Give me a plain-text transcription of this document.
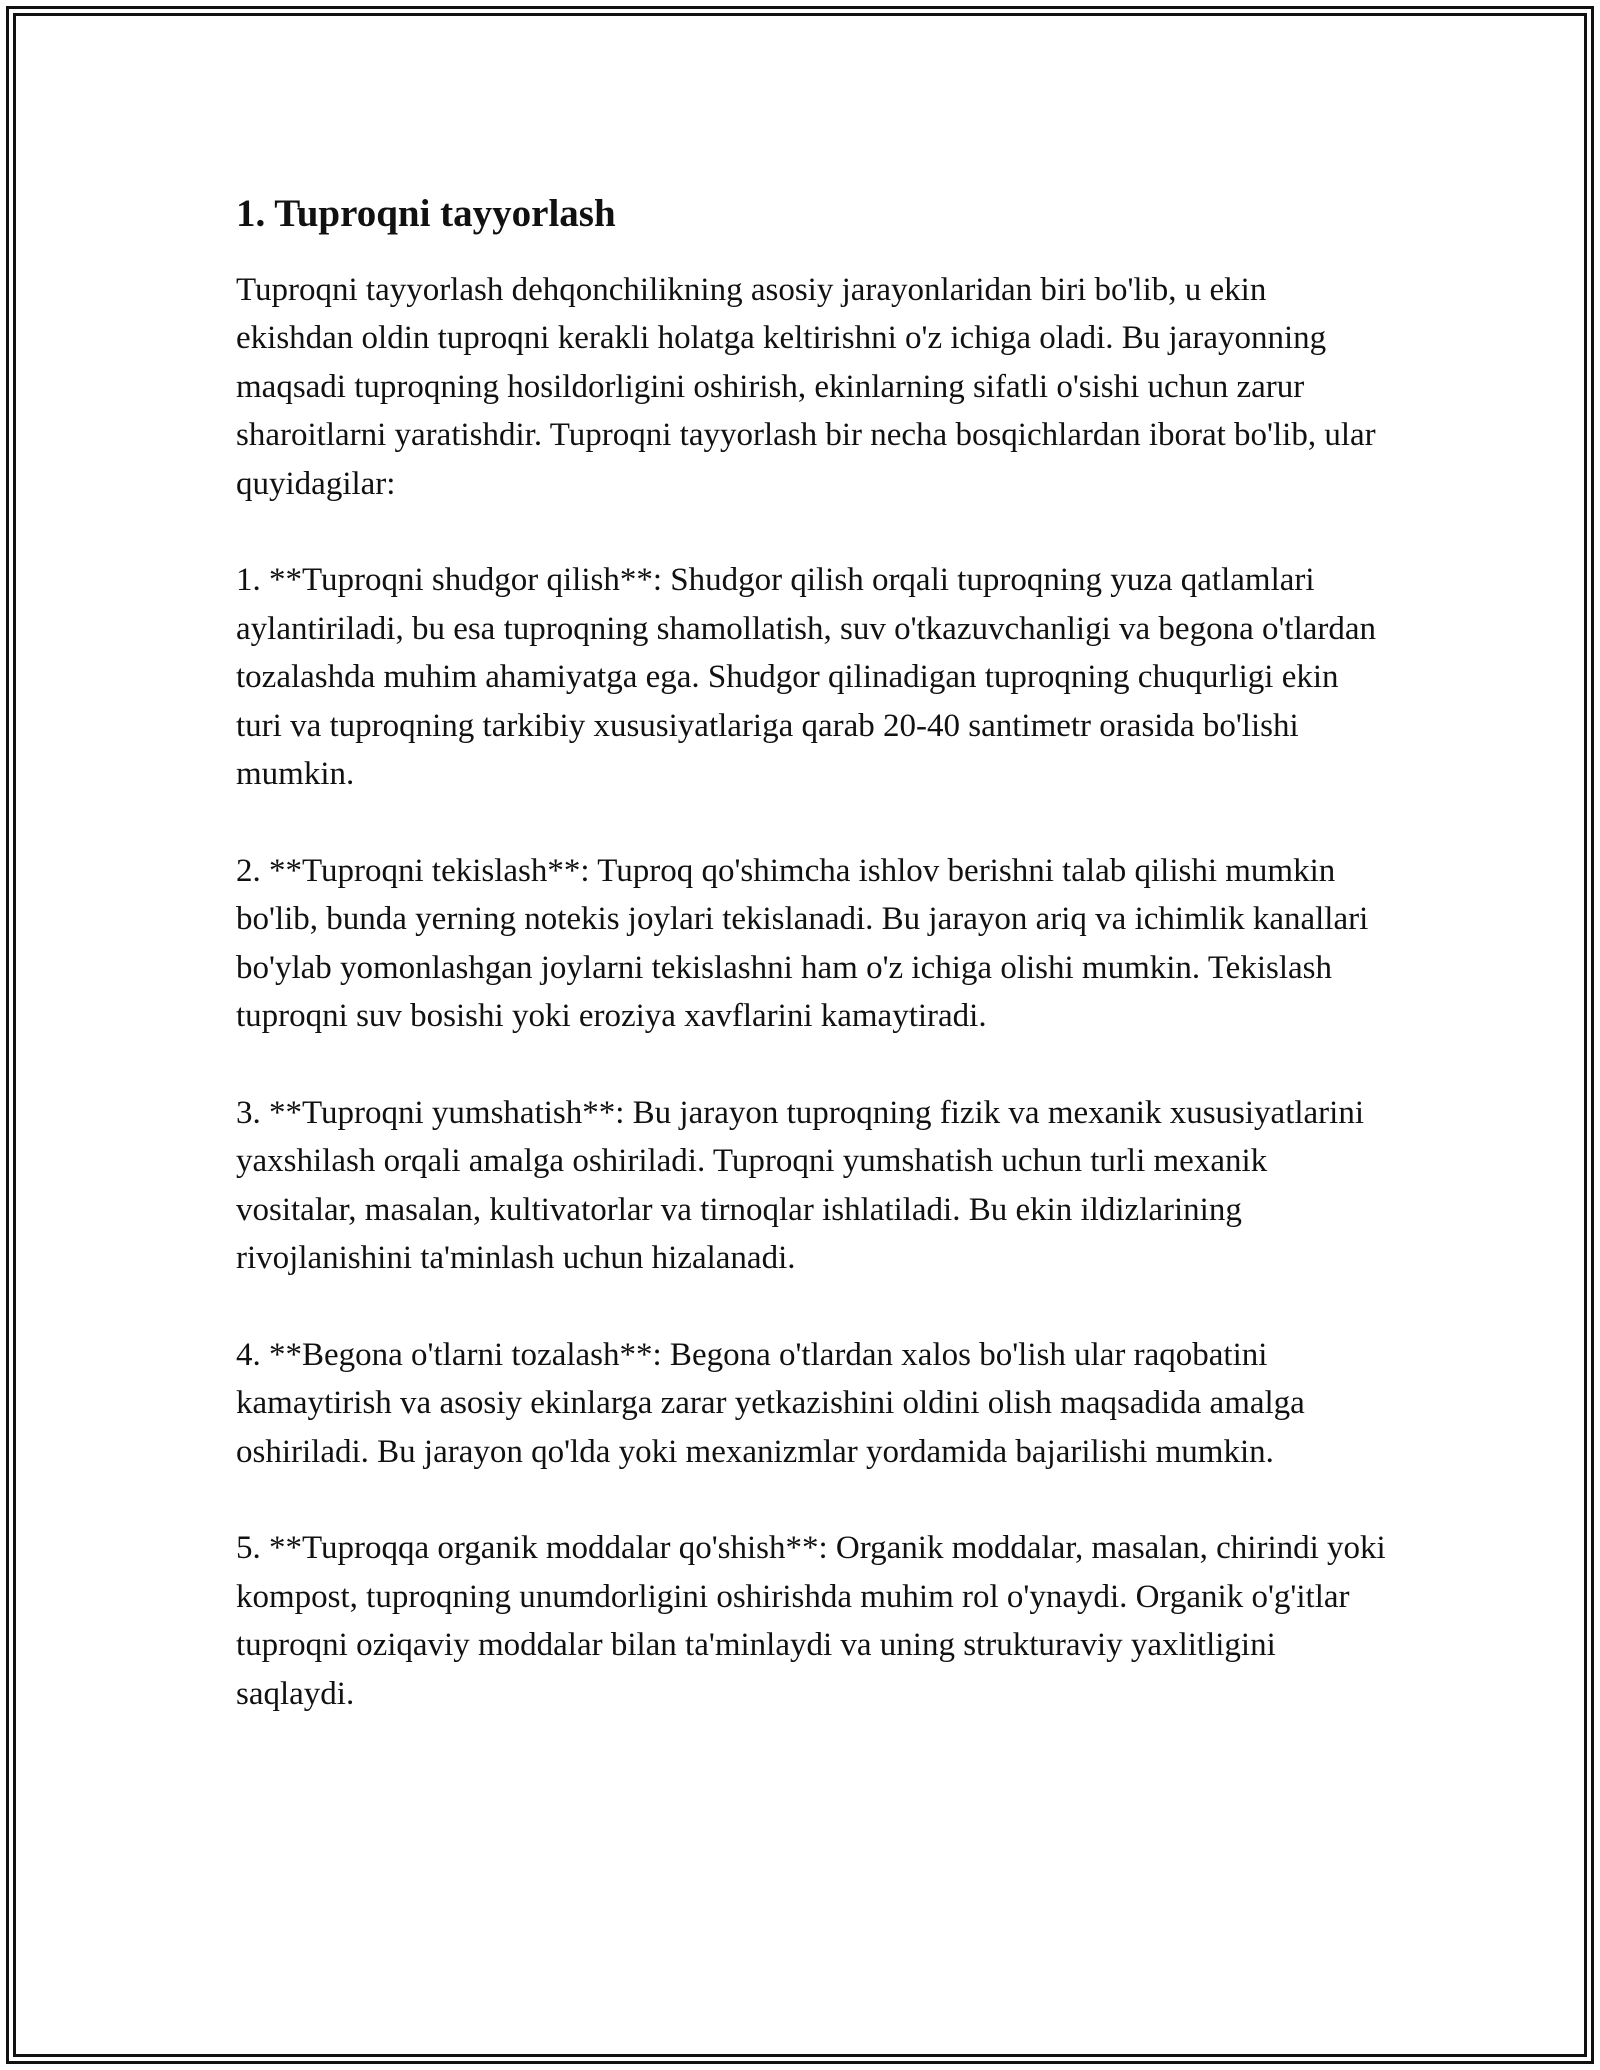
1. Tuproqni tayyorlash

Tuproqni tayyorlash dehqonchilikning asosiy jarayonlaridan biri bo'lib, u ekin ekishdan oldin tuproqni kerakli holatga keltirishni o'z ichiga oladi. Bu jarayonning maqsadi tuproqning hosildorligini oshirish, ekinlarning sifatli o'sishi uchun zarur sharoitlarni yaratishdir. Tuproqni tayyorlash bir necha bosqichlardan iborat bo'lib, ular quyidagilar:

1. **Tuproqni shudgor qilish**: Shudgor qilish orqali tuproqning yuza qatlamlari aylantiriladi, bu esa tuproqning shamollatish, suv o'tkazuvchanligi va begona o'tlardan tozalashda muhim ahamiyatga ega. Shudgor qilinadigan tuproqning chuqurligi ekin turi va tuproqning tarkibiy xususiyatlariga qarab 20-40 santimetr orasida bo'lishi mumkin.

2. **Tuproqni tekislash**: Tuproq qo'shimcha ishlov berishni talab qilishi mumkin bo'lib, bunda yerning notekis joylari tekislanadi. Bu jarayon ariq va ichimlik kanallari bo'ylab yomonlashgan joylarni tekislashni ham o'z ichiga olishi mumkin. Tekislash tuproqni suv bosishi yoki eroziya xavflarini kamaytiradi.

3. **Tuproqni yumshatish**: Bu jarayon tuproqning fizik va mexanik xususiyatlarini yaxshilash orqali amalga oshiriladi. Tuproqni yumshatish uchun turli mexanik vositalar, masalan, kultivatorlar va tirnoqlar ishlatiladi. Bu ekin ildizlarining rivojlanishini ta'minlash uchun hizalanadi.

4. **Begona o'tlarni tozalash**: Begona o'tlardan xalos bo'lish ular raqobatini kamaytirish va asosiy ekinlarga zarar yetkazishini oldini olish maqsadida amalga oshiriladi. Bu jarayon qo'lda yoki mexanizmlar yordamida bajarilishi mumkin.

5. **Tuproqqa organik moddalar qo'shish**: Organik moddalar, masalan, chirindi yoki kompost, tuproqning unumdorligini oshirishda muhim rol o'ynaydi. Organik o'g'itlar tuproqni oziqaviy moddalar bilan ta'minlaydi va uning strukturaviy yaxlitligini saqlaydi.
